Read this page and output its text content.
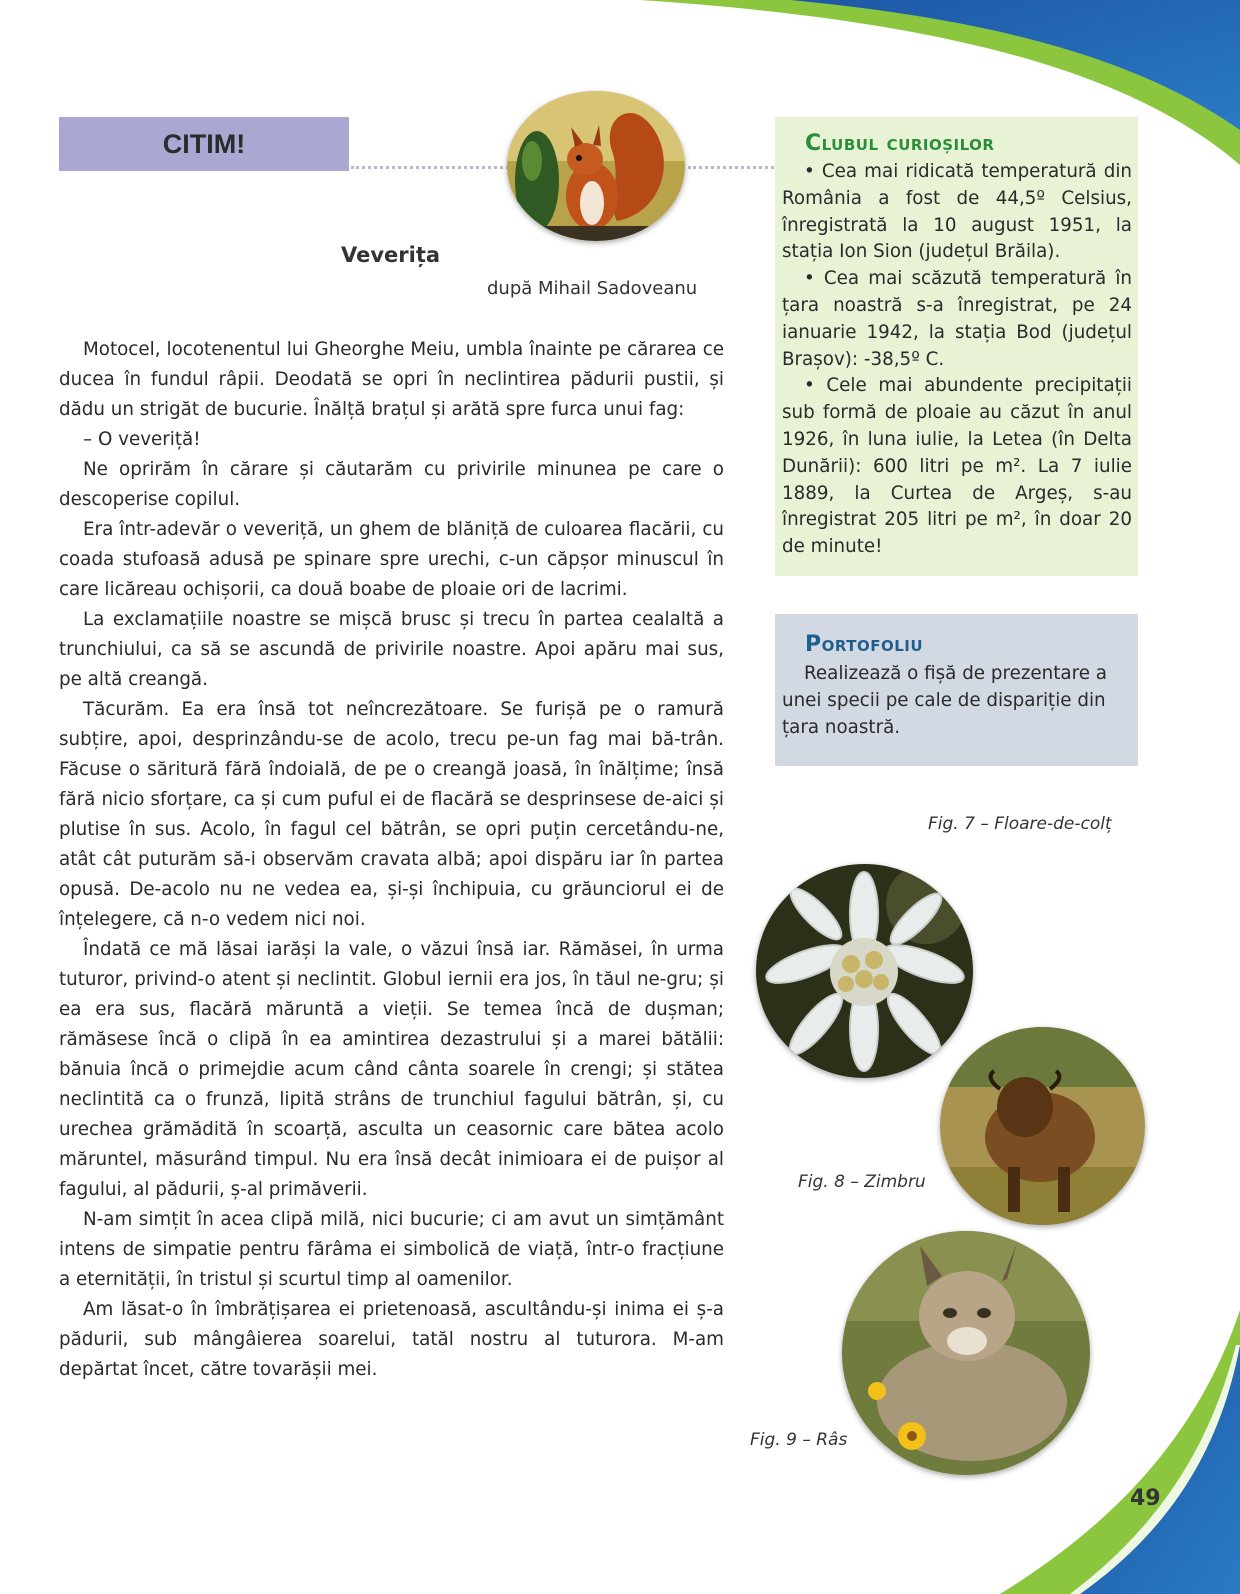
CITIM!
Veverița
după Mihail Sadoveanu

Motocel, locotenentul lui Gheorghe Meiu, umbla înainte pe cărarea ce ducea în fundul râpii. Deodată se opri în neclintirea pădurii pustii, și dădu un strigăt de bucurie. Înălță brațul și arătă spre furca unui fag:

– O veveriță!

Ne oprirăm în cărare și căutarăm cu privirile minunea pe care o descoperise copilul.

Era într-adevăr o veveriță, un ghem de blăniță de culoarea flacării, cu coada stufoasă adusă pe spinare spre urechi, c-un căpșor minuscul în care licăreau ochișorii, ca două boabe de ploaie ori de lacrimi.

La exclamațiile noastre se mișcă brusc și trecu în partea cealaltă a trunchiului, ca să se ascundă de privirile noastre. Apoi apăru mai sus, pe altă creangă.

Tăcurăm. Ea era însă tot neîncrezătoare. Se furișă pe o ramură subțire, apoi, desprinzându-se de acolo, trecu pe-un fag mai bă-trân. Făcuse o săritură fără îndoială, de pe o creangă joasă, în înălțime; însă fără nicio sforțare, ca și cum puful ei de flacără se desprinsese de-aici și plutise în sus. Acolo, în fagul cel bătrân, se opri puțin cercetându-ne, atât cât puturăm să-i observăm cravata albă; apoi dispăru iar în partea opusă. De-acolo nu ne vedea ea, și-și închipuia, cu grăunciorul ei de înțelegere, că n-o vedem nici noi.

Îndată ce mă lăsai iarăși la vale, o văzui însă iar. Rămăsei, în urma tuturor, privind-o atent și neclintit. Globul iernii era jos, în tăul ne-gru; și ea era sus, flacără măruntă a vieții. Se temea încă de dușman; rămăsese încă o clipă în ea amintirea dezastrului și a marei bătălii: bănuia încă o primejdie acum când cânta soarele în crengi; și stătea neclintită ca o frunză, lipită strâns de trunchiul fagului bătrân, și, cu urechea grămădită în scoarță, asculta un ceasornic care bătea acolo măruntel, măsurând timpul. Nu era însă decât inimioara ei de puișor al fagului, al pădurii, ș-al primăverii.

N-am simțit în acea clipă milă, nici bucurie; ci am avut un simțământ intens de simpatie pentru fărâma ei simbolică de viață, într-o fracțiune a eternității, în tristul și scurtul timp al oamenilor.

Am lăsat-o în îmbrățișarea ei prietenoasă, ascultându-și inima ei ș-a pădurii, sub mângâierea soarelui, tatăl nostru al tuturora. M-am depărtat încet, către tovarășii mei.

Clubul curioșilor

• Cea mai ridicată temperatură din România a fost de 44,5º Celsius, înregistrată la 10 august 1951, la stația Ion Sion (județul Brăila).

• Cea mai scăzută temperatură în țara noastră s-a înregistrat, pe 24 ianuarie 1942, la stația Bod (județul Brașov): -38,5º C.

• Cele mai abundente precipitații sub formă de ploaie au căzut în anul 1926, în luna iulie, la Letea (în Delta Dunării): 600 litri pe m². La 7 iulie 1889, la Curtea de Argeș, s-au înregistrat 205 litri pe m², în doar 20 de minute!

Portofoliu

Realizează o fișă de prezentare a unei specii pe cale de dispariție din țara noastră.

Fig. 7 – Floare-de-colț
Fig. 8 – Zimbru
Fig. 9 – Râs
49
